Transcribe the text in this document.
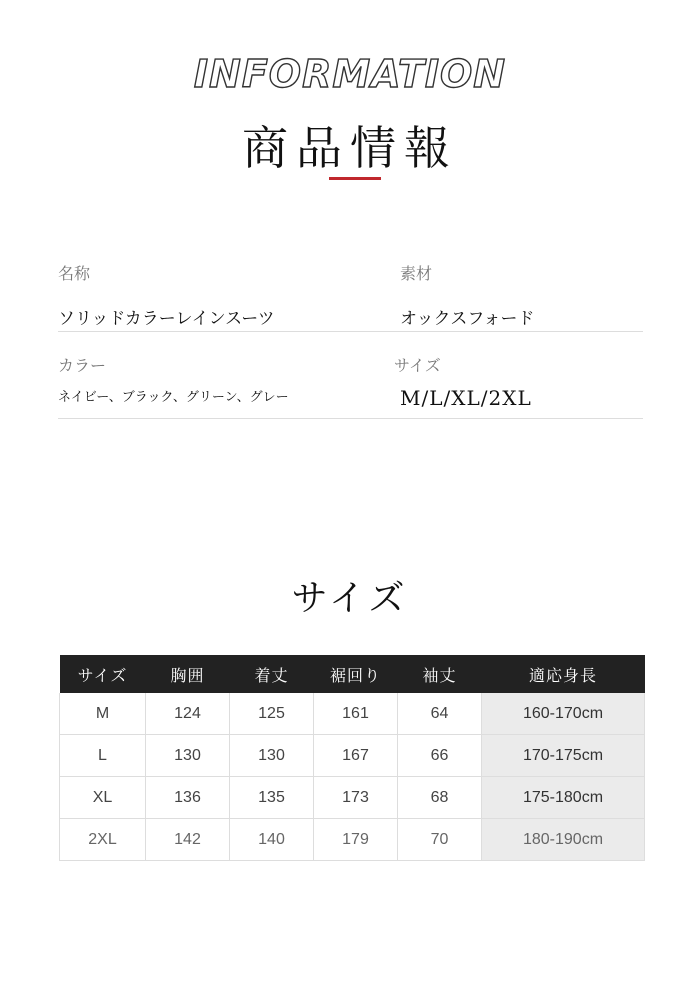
INFORMATION
商品情報
名称
ソリッドカラーレインスーツ
素材
オックスフォード
カラー
ネイビー、ブラック、グリーン、グレー
サイズ
M/L/XL/2XL
サイズ
サイズ	胸囲	着丈	裾回り	袖丈	適応身長
M	124	125	161	64	160-170cm
L	130	130	167	66	170-175cm
XL	136	135	173	68	175-180cm
2XL	142	140	179	70	180-190cm
